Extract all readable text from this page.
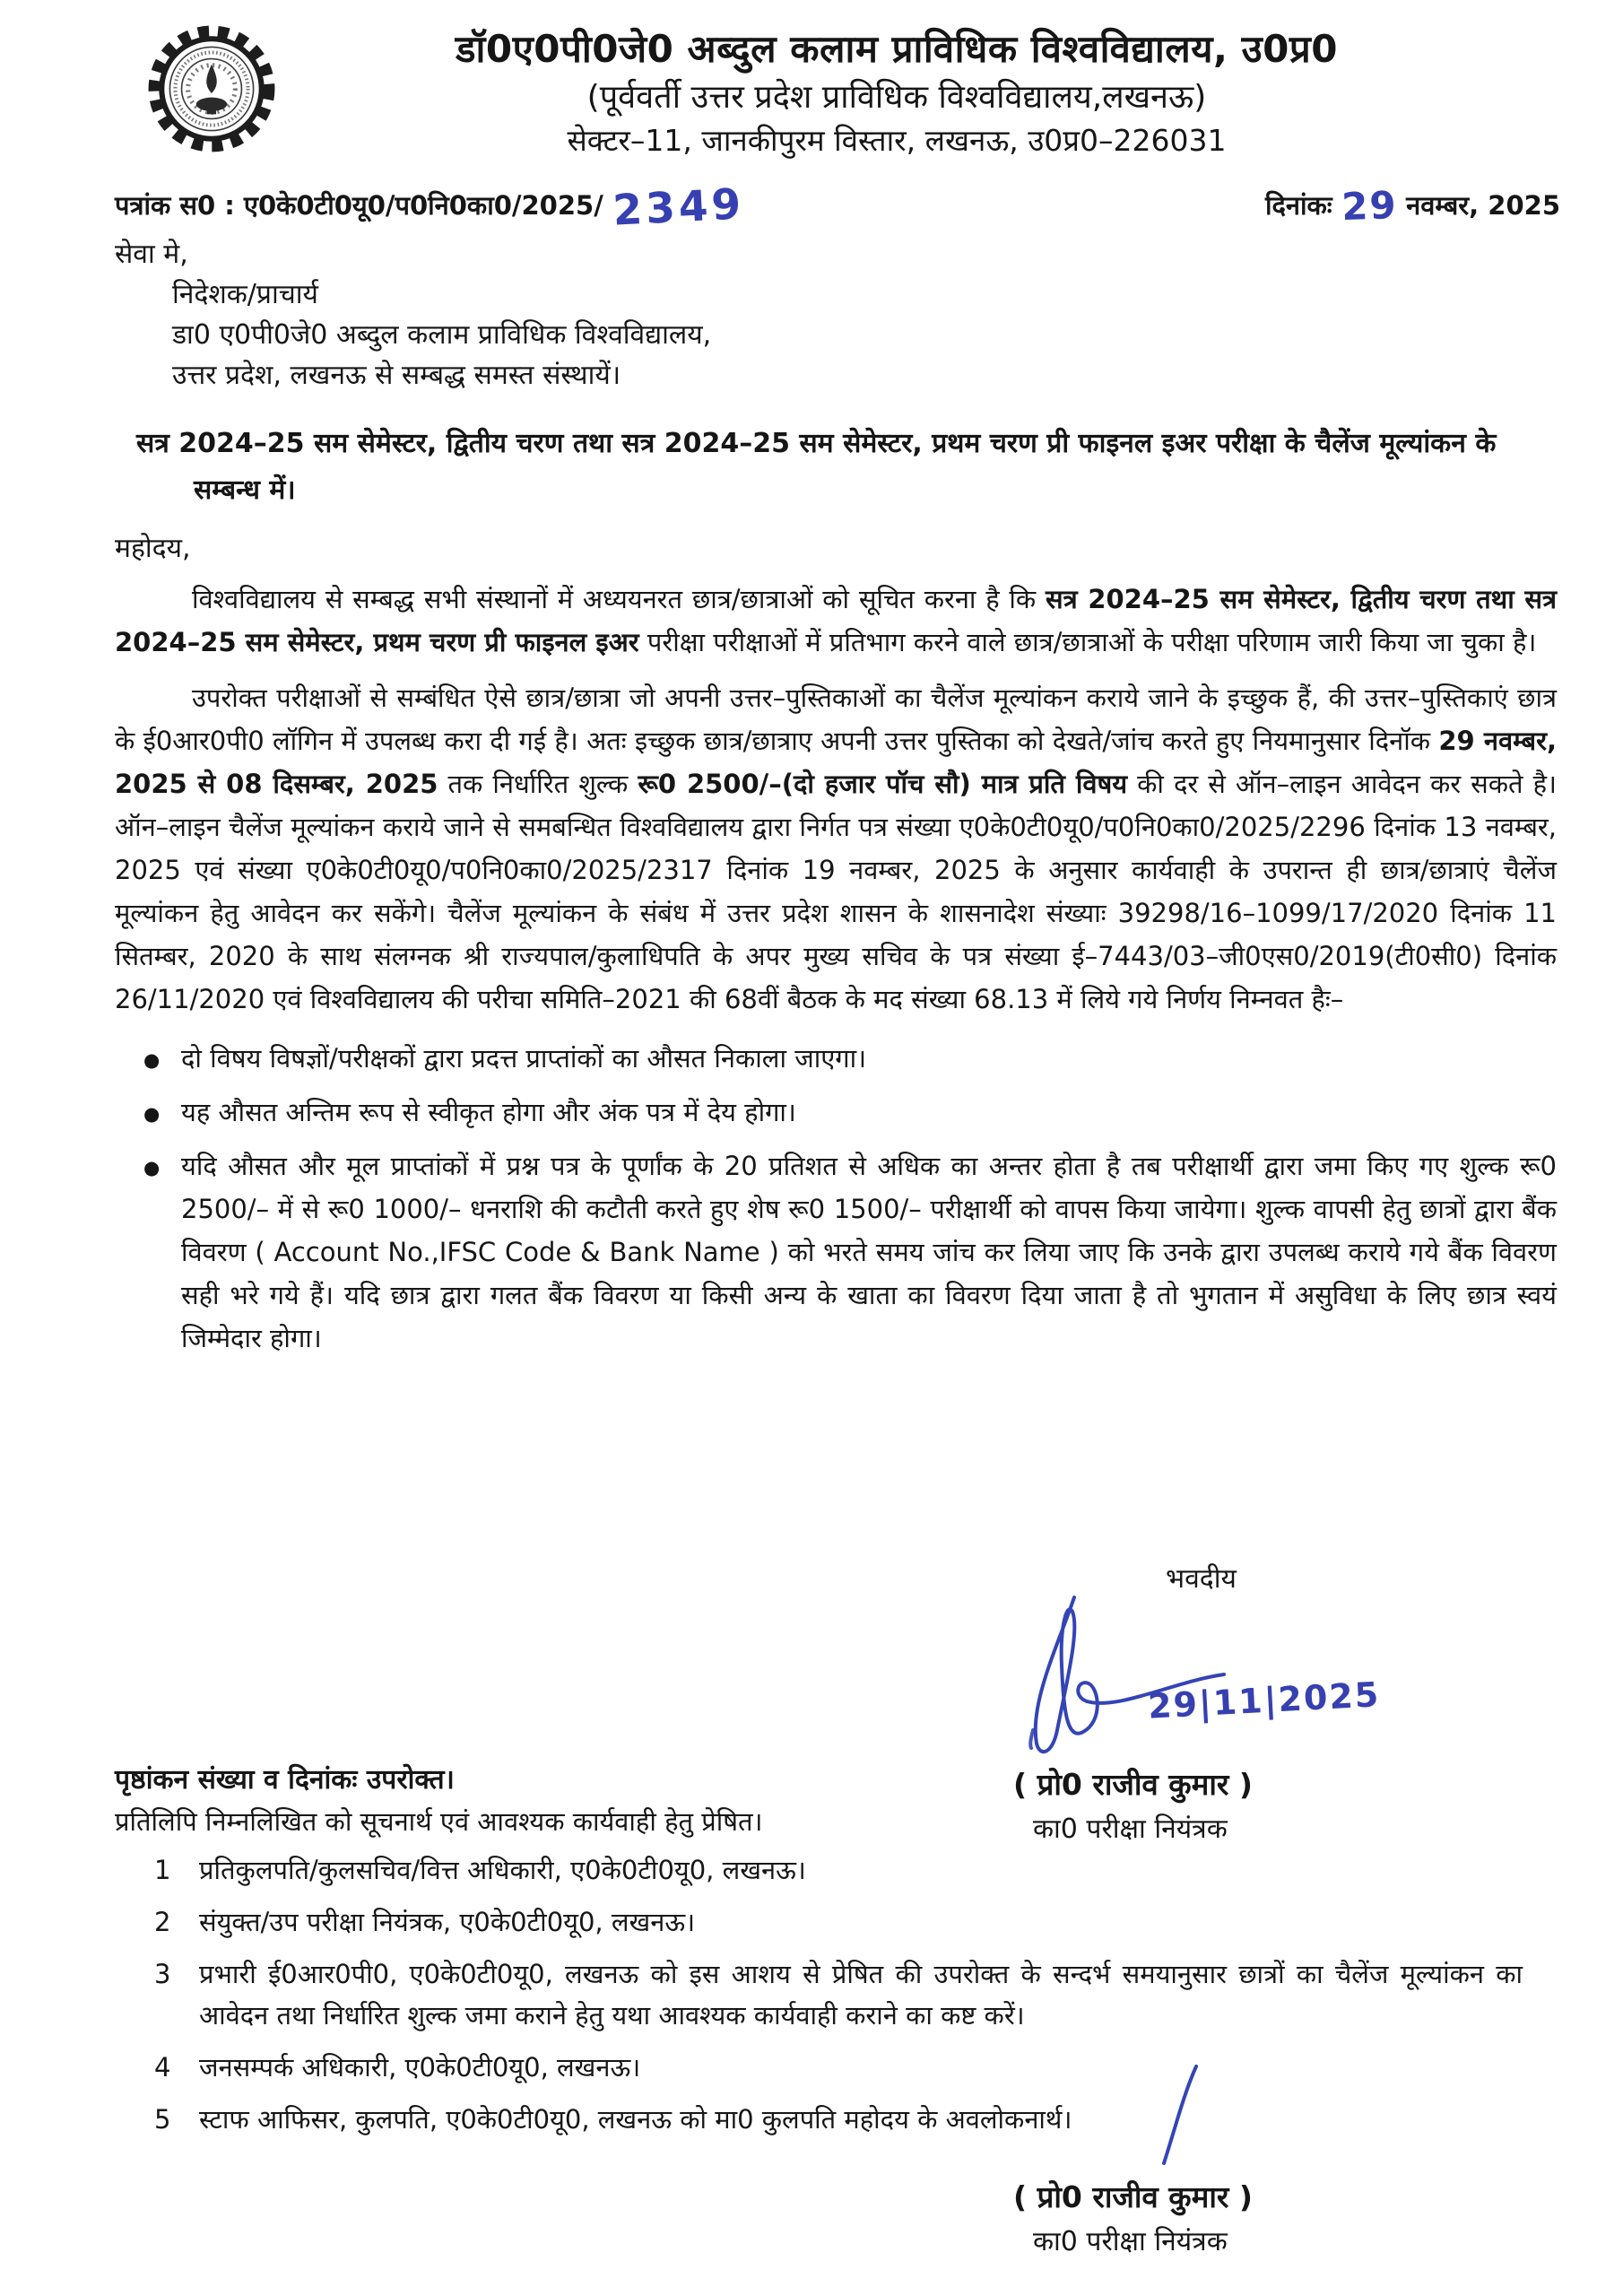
डॉ0ए0पी0जे0 अब्दुल कलाम प्राविधिक विश्वविद्यालय, उ0प्र0
(पूर्ववर्ती उत्तर प्रदेश प्राविधिक विश्वविद्यालय,लखनऊ)
सेक्टर–11, जानकीपुरम विस्तार, लखनऊ, उ0प्र0–226031
पत्रांक स0 : ए0के0टी0यू0/प0नि0का0/2025/ 2349	दिनांकः 29 नवम्बर, 2025
सेवा मे,
निदेशक/प्राचार्य
डा0 ए0पी0जे0 अब्दुल कलाम प्राविधिक विश्वविद्यालय,
उत्तर प्रदेश, लखनऊ से सम्बद्ध समस्त संस्थायें।
सत्र 2024–25 सम सेमेस्टर, द्वितीय चरण तथा सत्र 2024–25 सम सेमेस्टर, प्रथम चरण प्री फाइनल इअर परीक्षा के चैलेंज मूल्यांकन के सम्बन्ध में।
महोदय,
विश्वविद्यालय से सम्बद्ध सभी संस्थानों में अध्ययनरत छात्र/छात्राओं को सूचित करना है कि सत्र 2024–25 सम सेमेस्टर, द्वितीय चरण तथा सत्र 2024–25 सम सेमेस्टर, प्रथम चरण प्री फाइनल इअर परीक्षा परीक्षाओं में प्रतिभाग करने वाले छात्र/छात्राओं के परीक्षा परिणाम जारी किया जा चुका है।
उपरोक्त परीक्षाओं से सम्बंधित ऐसे छात्र/छात्रा जो अपनी उत्तर–पुस्तिकाओं का चैलेंज मूल्यांकन कराये जाने के इच्छुक हैं, की उत्तर–पुस्तिकाएं छात्र के ई0आर0पी0 लॉगिन में उपलब्ध करा दी गई है। अतः इच्छुक छात्र/छात्राए अपनी उत्तर पुस्तिका को देखते/जांच करते हुए नियमानुसार दिनॉक 29 नवम्बर, 2025 से 08 दिसम्बर, 2025 तक निर्धारित शुल्क रू0 2500/–(दो हजार पॉच सौ) मात्र प्रति विषय की दर से ऑन–लाइन आवेदन कर सकते है। ऑन–लाइन चैलेंज मूल्यांकन कराये जाने से समबन्धित विश्वविद्यालय द्वारा निर्गत पत्र संख्या ए0के0टी0यू0/प0नि0का0/2025/2296 दिनांक 13 नवम्बर, 2025 एवं संख्या ए0के0टी0यू0/प0नि0का0/2025/2317 दिनांक 19 नवम्बर, 2025 के अनुसार कार्यवाही के उपरान्त ही छात्र/छात्राएं चैलेंज मूल्यांकन हेतु आवेदन कर सकेंगे। चैलेंज मूल्यांकन के संबंध में उत्तर प्रदेश शासन के शासनादेश संख्याः 39298/16–1099/17/2020 दिनांक 11 सितम्बर, 2020 के साथ संलग्नक श्री राज्यपाल/कुलाधिपति के अपर मुख्य सचिव के पत्र संख्या ई–7443/03–जी0एस0/2019(टी0सी0) दिनांक 26/11/2020 एवं विश्वविद्यालय की परीचा समिति–2021 की 68वीं बैठक के मद संख्या 68.13 में लिये गये निर्णय निम्नवत हैः–
● दो विषय विषज्ञों/परीक्षकों द्वारा प्रदत्त प्राप्तांकों का औसत निकाला जाएगा।
● यह औसत अन्तिम रूप से स्वीकृत होगा और अंक पत्र में देय होगा।
● यदि औसत और मूल प्राप्तांकों में प्रश्न पत्र के पूर्णांक के 20 प्रतिशत से अधिक का अन्तर होता है तब परीक्षार्थी द्वारा जमा किए गए शुल्क रू0 2500/– में से रू0 1000/– धनराशि की कटौती करते हुए शेष रू0 1500/– परीक्षार्थी को वापस किया जायेगा। शुल्क वापसी हेतु छात्रों द्वारा बैंक विवरण ( Account No.,IFSC Code & Bank Name ) को भरते समय जांच कर लिया जाए कि उनके द्वारा उपलब्ध कराये गये बैंक विवरण सही भरे गये हैं। यदि छात्र द्वारा गलत बैंक विवरण या किसी अन्य के खाता का विवरण दिया जाता है तो भुगतान में असुविधा के लिए छात्र स्वयं जिम्मेदार होगा।
भवदीय
29|11|2025
( प्रो0 राजीव कुमार )
का0 परीक्षा नियंत्रक
पृष्ठांकन संख्या व दिनांकः उपरोक्त।
प्रतिलिपि निम्नलिखित को सूचनार्थ एवं आवश्यक कार्यवाही हेतु प्रेषित।
1	प्रतिकुलपति/कुलसचिव/वित्त अधिकारी, ए0के0टी0यू0, लखनऊ।
2	संयुक्त/उप परीक्षा नियंत्रक, ए0के0टी0यू0, लखनऊ।
3	प्रभारी ई0आर0पी0, ए0के0टी0यू0, लखनऊ को इस आशय से प्रेषित की उपरोक्त के सन्दर्भ समयानुसार छात्रों का चैलेंज मूल्यांकन का आवेदन तथा निर्धारित शुल्क जमा कराने हेतु यथा आवश्यक कार्यवाही कराने का कष्ट करें।
4	जनसम्पर्क अधिकारी, ए0के0टी0यू0, लखनऊ।
5	स्टाफ आफिसर, कुलपति, ए0के0टी0यू0, लखनऊ को मा0 कुलपति महोदय के अवलोकनार्थ।
( प्रो0 राजीव कुमार )
का0 परीक्षा नियंत्रक
